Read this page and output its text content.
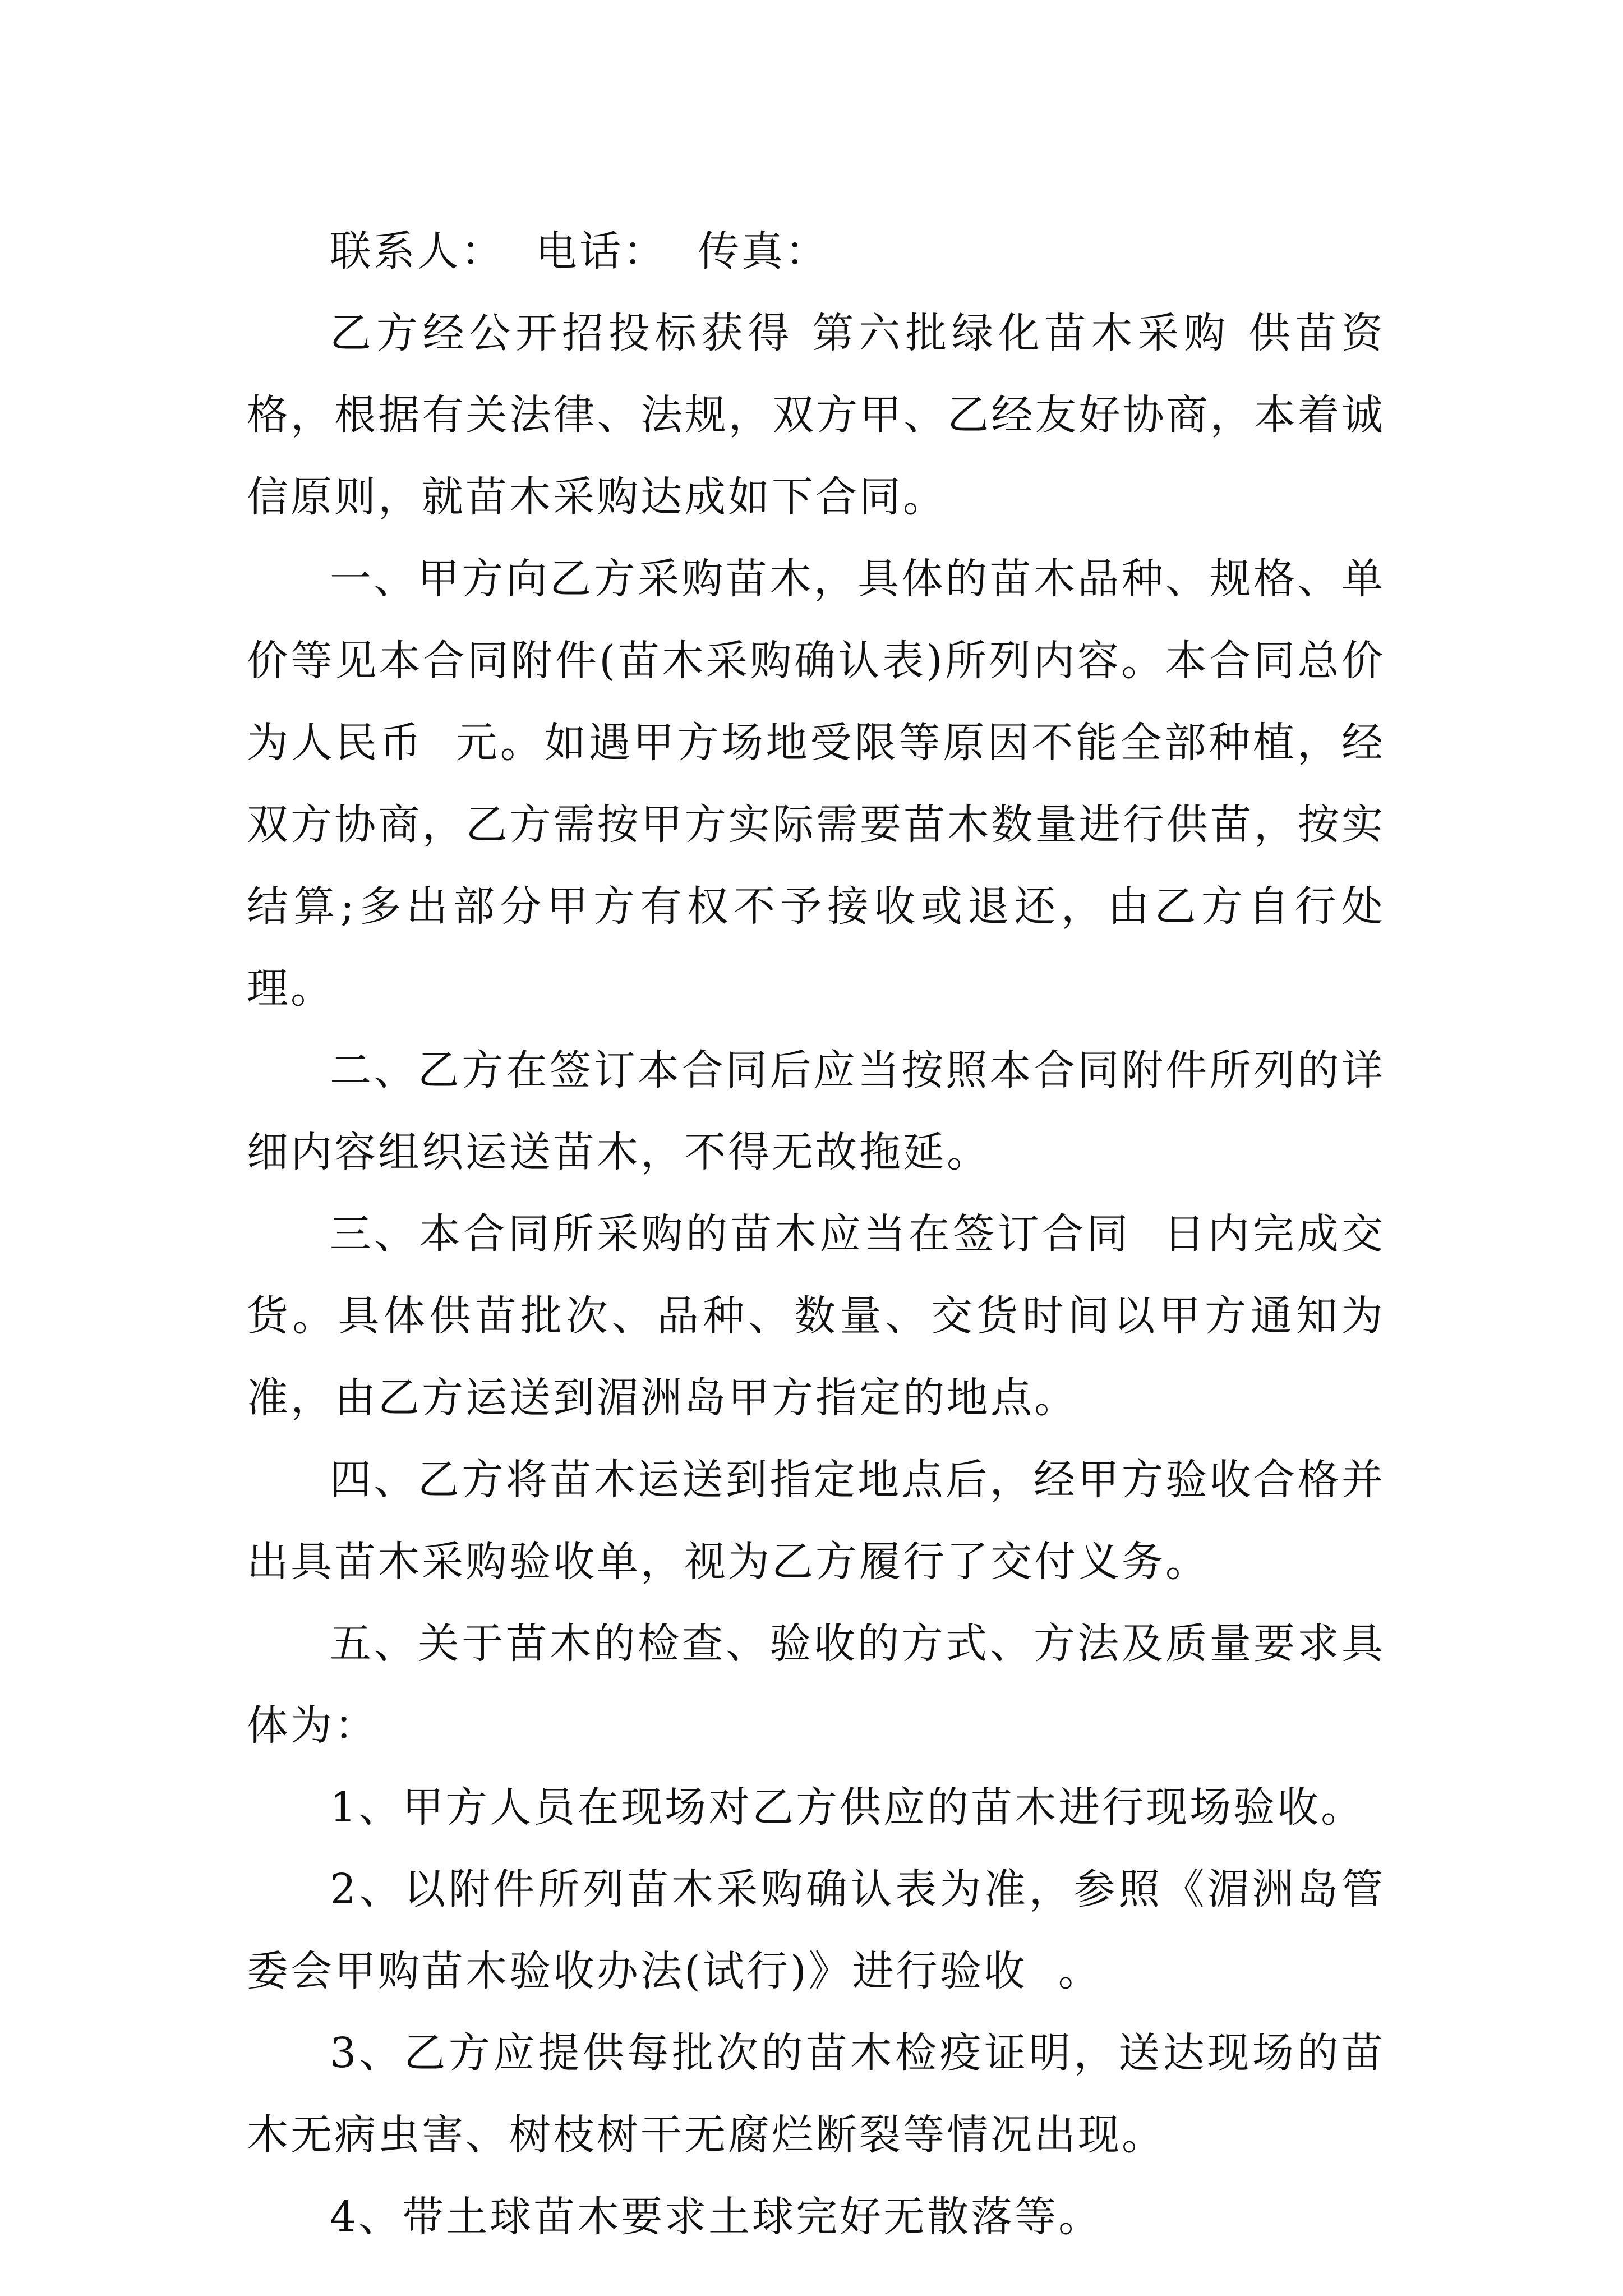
联系人：  电话：  传真：

乙方经公开招投标获得 第六批绿化苗木采购 供苗资格，根据有关法律、法规，双方甲、乙经友好协商，本着诚信原则，就苗木采购达成如下合同。

一、甲方向乙方采购苗木，具体的苗木品种、规格、单价等见本合同附件(苗木采购确认表)所列内容。本合同总价为人民币  元。如遇甲方场地受限等原因不能全部种植，经双方协商，乙方需按甲方实际需要苗木数量进行供苗，按实结算;多出部分甲方有权不予接收或退还，由乙方自行处理。

二、乙方在签订本合同后应当按照本合同附件所列的详细内容组织运送苗木，不得无故拖延。

三、本合同所采购的苗木应当在签订合同  日内完成交货。具体供苗批次、品种、数量、交货时间以甲方通知为准，由乙方运送到湄洲岛甲方指定的地点。

四、乙方将苗木运送到指定地点后，经甲方验收合格并出具苗木采购验收单，视为乙方履行了交付义务。

五、关于苗木的检查、验收的方式、方法及质量要求具体为：

1、甲方人员在现场对乙方供应的苗木进行现场验收。

2、以附件所列苗木采购确认表为准，参照《湄洲岛管委会甲购苗木验收办法(试行)》进行验收  。

3、乙方应提供每批次的苗木检疫证明，送达现场的苗木无病虫害、树枝树干无腐烂断裂等情况出现。

4、带土球苗木要求土球完好无散落等。
